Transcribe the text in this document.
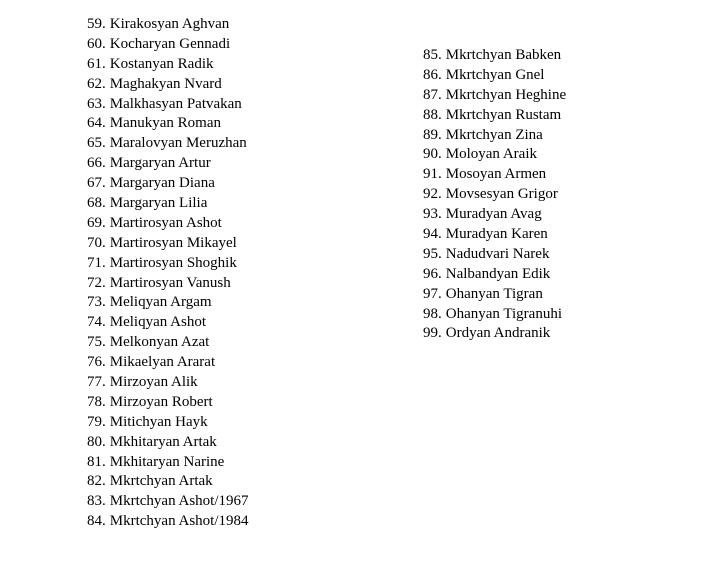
59. Kirakosyan Aghvan
60. Kocharyan Gennadi
61. Kostanyan Radik
62. Maghakyan Nvard
63. Malkhasyan Patvakan
64. Manukyan Roman
65. Maralovyan Meruzhan
66. Margaryan Artur
67. Margaryan Diana
68. Margaryan Lilia
69. Martirosyan Ashot
70. Martirosyan Mikayel
71. Martirosyan Shoghik
72. Martirosyan Vanush
73. Meliqyan Argam
74. Meliqyan Ashot
75. Melkonyan Azat
76. Mikaelyan Ararat
77. Mirzoyan Alik
78. Mirzoyan Robert
79. Mitichyan Hayk
80. Mkhitaryan Artak
81. Mkhitaryan Narine
82. Mkrtchyan Artak
83. Mkrtchyan Ashot/1967
84. Mkrtchyan Ashot/1984
85. Mkrtchyan Babken
86. Mkrtchyan Gnel
87. Mkrtchyan Heghine
88. Mkrtchyan Rustam
89. Mkrtchyan Zina
90. Moloyan Araik
91. Mosoyan Armen
92. Movsesyan Grigor
93. Muradyan Avag
94. Muradyan Karen
95. Nadudvari Narek
96. Nalbandyan Edik
97. Ohanyan Tigran
98. Ohanyan Tigranuhi
99. Ordyan Andranik
